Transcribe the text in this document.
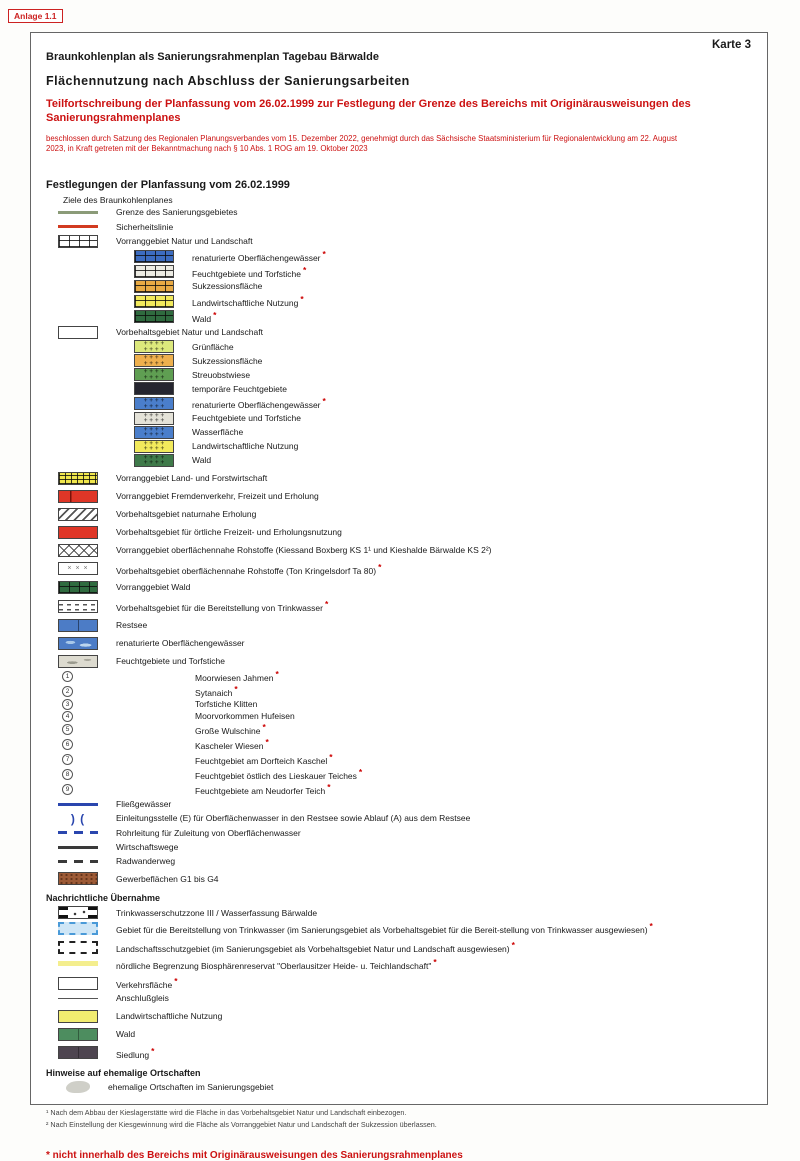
Anlage 1.1
Karte 3
Braunkohlenplan als Sanierungsrahmenplan Tagebau Bärwalde
Flächennutzung nach Abschluss der Sanierungsarbeiten
Teilfortschreibung der Planfassung vom 26.02.1999 zur Festlegung der Grenze des Bereichs mit Originärausweisungen des Sanierungsrahmenplanes
beschlossen durch Satzung des Regionalen Planungsverbandes vom 15. Dezember 2022, genehmigt durch das Sächsische Staatsministerium für Regionalentwicklung am 22. August 2023, in Kraft getreten mit der Bekanntmachung nach § 10 Abs. 1 ROG am 19. Oktober 2023
Festlegungen der Planfassung vom 26.02.1999
Ziele des Braunkohlenplanes
Grenze des Sanierungsgebietes
Sicherheitslinie
Vorranggebiet Natur und Landschaft
renaturierte Oberflächengewässer *
Feuchtgebiete und Torfstiche *
Sukzessionsfläche
Landwirtschaftliche Nutzung *
Wald *
Vorbehaltsgebiet Natur und Landschaft
+ + + + + + + +
Grünfläche
+ + + + + + + +
Sukzessionsfläche
+ + + + + + + +
Streuobstwiese
temporäre Feuchtgebiete
+ + + + + + + +
renaturierte Oberflächengewässer *
+ + + + + + + +
Feuchtgebiete und Torfstiche
+ + + + + + + +
Wasserfläche
+ + + + + + + +
Landwirtschaftliche Nutzung
+ + + + + + + +
Wald
Vorranggebiet Land- und Forstwirtschaft
Vorranggebiet Fremdenverkehr, Freizeit und Erholung
Vorbehaltsgebiet naturnahe Erholung
Vorbehaltsgebiet für örtliche Freizeit- und Erholungsnutzung
Vorranggebiet oberflächennahe Rohstoffe (Kiessand Boxberg KS 1¹ und Kieshalde Bärwalde KS 2²)
× × ×
Vorbehaltsgebiet oberflächennahe Rohstoffe (Ton Kringelsdorf Ta 80) *
Vorranggebiet Wald
Vorbehaltsgebiet für die Bereitstellung von Trinkwasser *
Restsee
renaturierte Oberflächengewässer
Feuchtgebiete und Torfstiche
1	Moorwiesen Jahmen *
2	Sytanaich *
3	Torfstiche Klitten
4	Moorvorkommen Hufeisen
5	Große Wulschine *
6	Kascheler Wiesen *
7	Feuchtgebiet am Dorfteich Kaschel *
8	Feuchtgebiet östlich des Lieskauer Teiches *
9	Feuchtgebiete am Neudorfer Teich *
Fließgewässer
) (
Einleitungsstelle (E) für Oberflächenwasser in den Restsee sowie Ablauf (A) aus dem Restsee
Rohrleitung für Zuleitung von Oberflächenwasser
Wirtschaftswege
Radwanderweg
Gewerbeflächen G1 bis G4
Nachrichtliche Übernahme
Trinkwasserschutzzone III / Wasserfassung Bärwalde
Gebiet für die Bereitstellung von Trinkwasser (im Sanierungsgebiet als Vorbehaltsgebiet für die Bereit-stellung von Trinkwasser ausgewiesen) *
Landschaftsschutzgebiet (im Sanierungsgebiet als Vorbehaltsgebiet Natur und Landschaft ausgewiesen) *
nördliche Begrenzung Biosphärenreservat "Oberlausitzer Heide- u. Teichlandschaft" *
Verkehrsfläche *
Anschlußgleis
Landwirtschaftliche Nutzung
Wald
Siedlung *
Hinweise auf ehemalige Ortschaften
ehemalige Ortschaften im Sanierungsgebiet
¹ Nach dem Abbau der Kieslagerstätte wird die Fläche in das Vorbehaltsgebiet Natur und Landschaft einbezogen.
² Nach Einstellung der Kiesgewinnung wird die Fläche als Vorranggebiet Natur und Landschaft der Sukzession überlassen.
* nicht innerhalb des Bereichs mit Originärausweisungen des Sanierungsrahmenplanes
